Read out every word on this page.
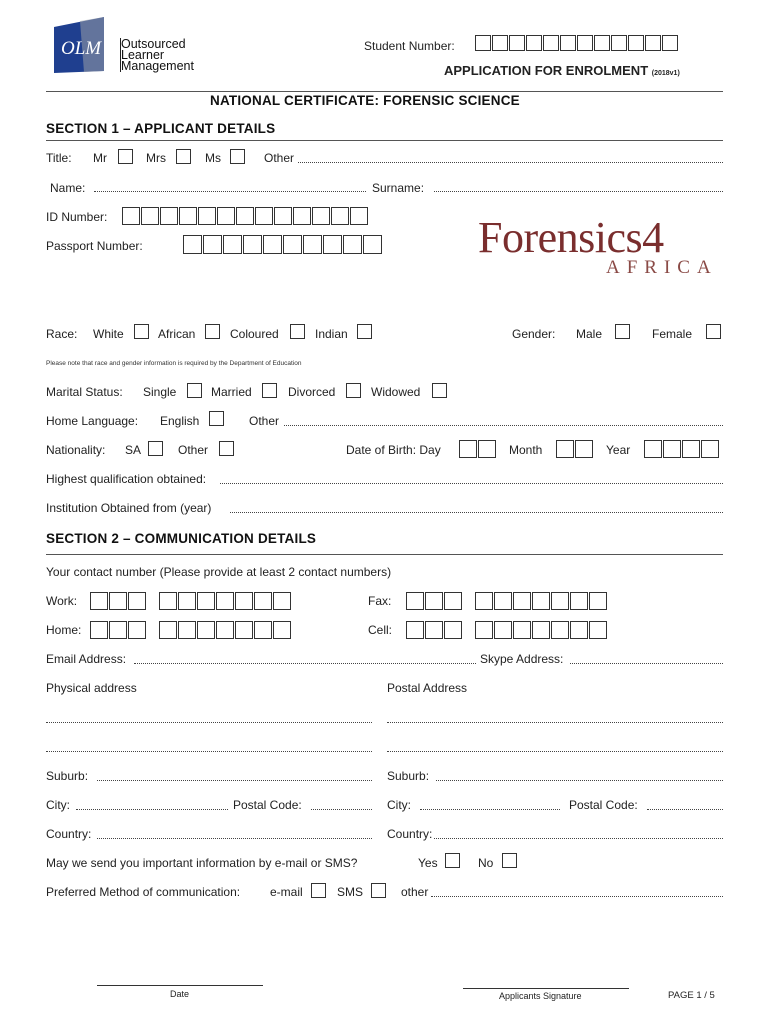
OLM Outsourced
Learner
Management
Student Number:
APPLICATION FOR ENROLMENT (2018v1)
NATIONAL CERTIFICATE: FORENSIC SCIENCE
SECTION 1 – APPLICANT DETAILS
Title: Mr	Mrs	Ms	Other
Name:	Surname:
ID Number:
Passport Number:	Forensics4
AFRICA
Race: White	African	Coloured	Indian	Gender: Male	Female
Please note that race and gender information is required by the Department of Education
Marital Status: Single	Married	Divorced	Widowed
Home Language: English	Other
Nationality: SA	Other	Date of Birth: Day	Month	Year
Highest qualification obtained:
Institution Obtained from (year)
SECTION 2 – COMMUNICATION DETAILS
Your contact number (Please provide at least 2 contact numbers)
Work:	Fax:
Home:	Cell:
Email Address:	Skype Address:
Physical address	Postal Address
Suburb:	Suburb:
City:	Postal Code:	City:	Postal Code:
Country:	Country:
May we send you important information by e-mail or SMS?	Yes	No
Preferred Method of communication: e-mail	SMS	other
Date	Applicants Signature	PAGE 1 / 5
